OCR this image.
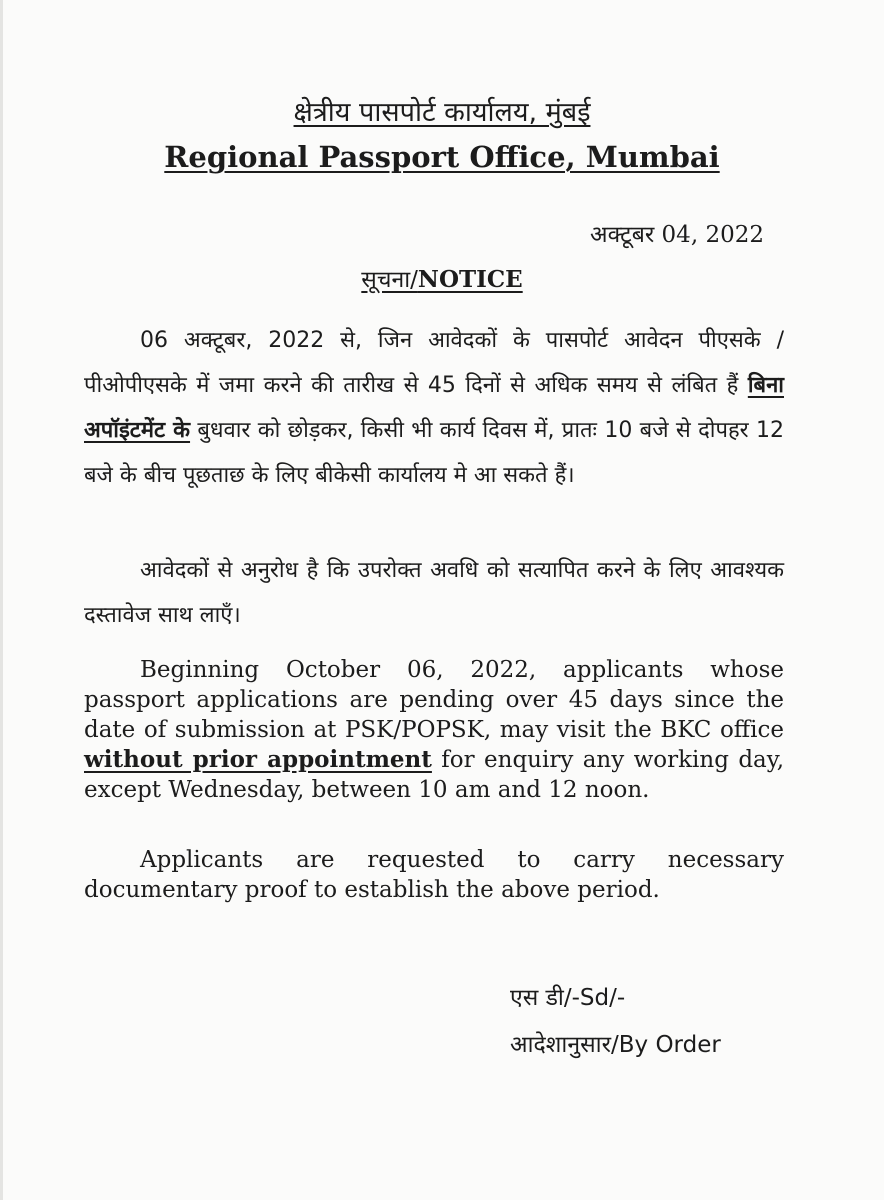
क्षेत्रीय पासपोर्ट कार्यालय, मुंबई
Regional Passport Office, Mumbai
अक्टूबर 04, 2022
सूचना/NOTICE

06 अक्टूबर, 2022 से, जिन आवेदकों के पासपोर्ट आवेदन पीएसके / पीओपीएसके में जमा करने की तारीख से 45 दिनों से अधिक समय से लंबित हैं बिना अपॉइंटमेंट के बुधवार को छोड़कर, किसी भी कार्य दिवस में, प्रातः 10 बजे से दोपहर 12 बजे के बीच पूछताछ के लिए बीकेसी कार्यालय मे आ सकते हैं।

आवेदकों से अनुरोध है कि उपरोक्त अवधि को सत्यापित करने के लिए आवश्यक दस्तावेज साथ लाएँ।

Beginning October 06, 2022, applicants whose passport applications are pending over 45 days since the date of submission at PSK/POPSK, may visit the BKC office without prior appointment for enquiry any working day, except Wednesday, between 10 am and 12 noon.

Applicants are requested to carry necessary documentary proof to establish the above period.

एस डी/-Sd/-
आदेशानुसार/By Order
